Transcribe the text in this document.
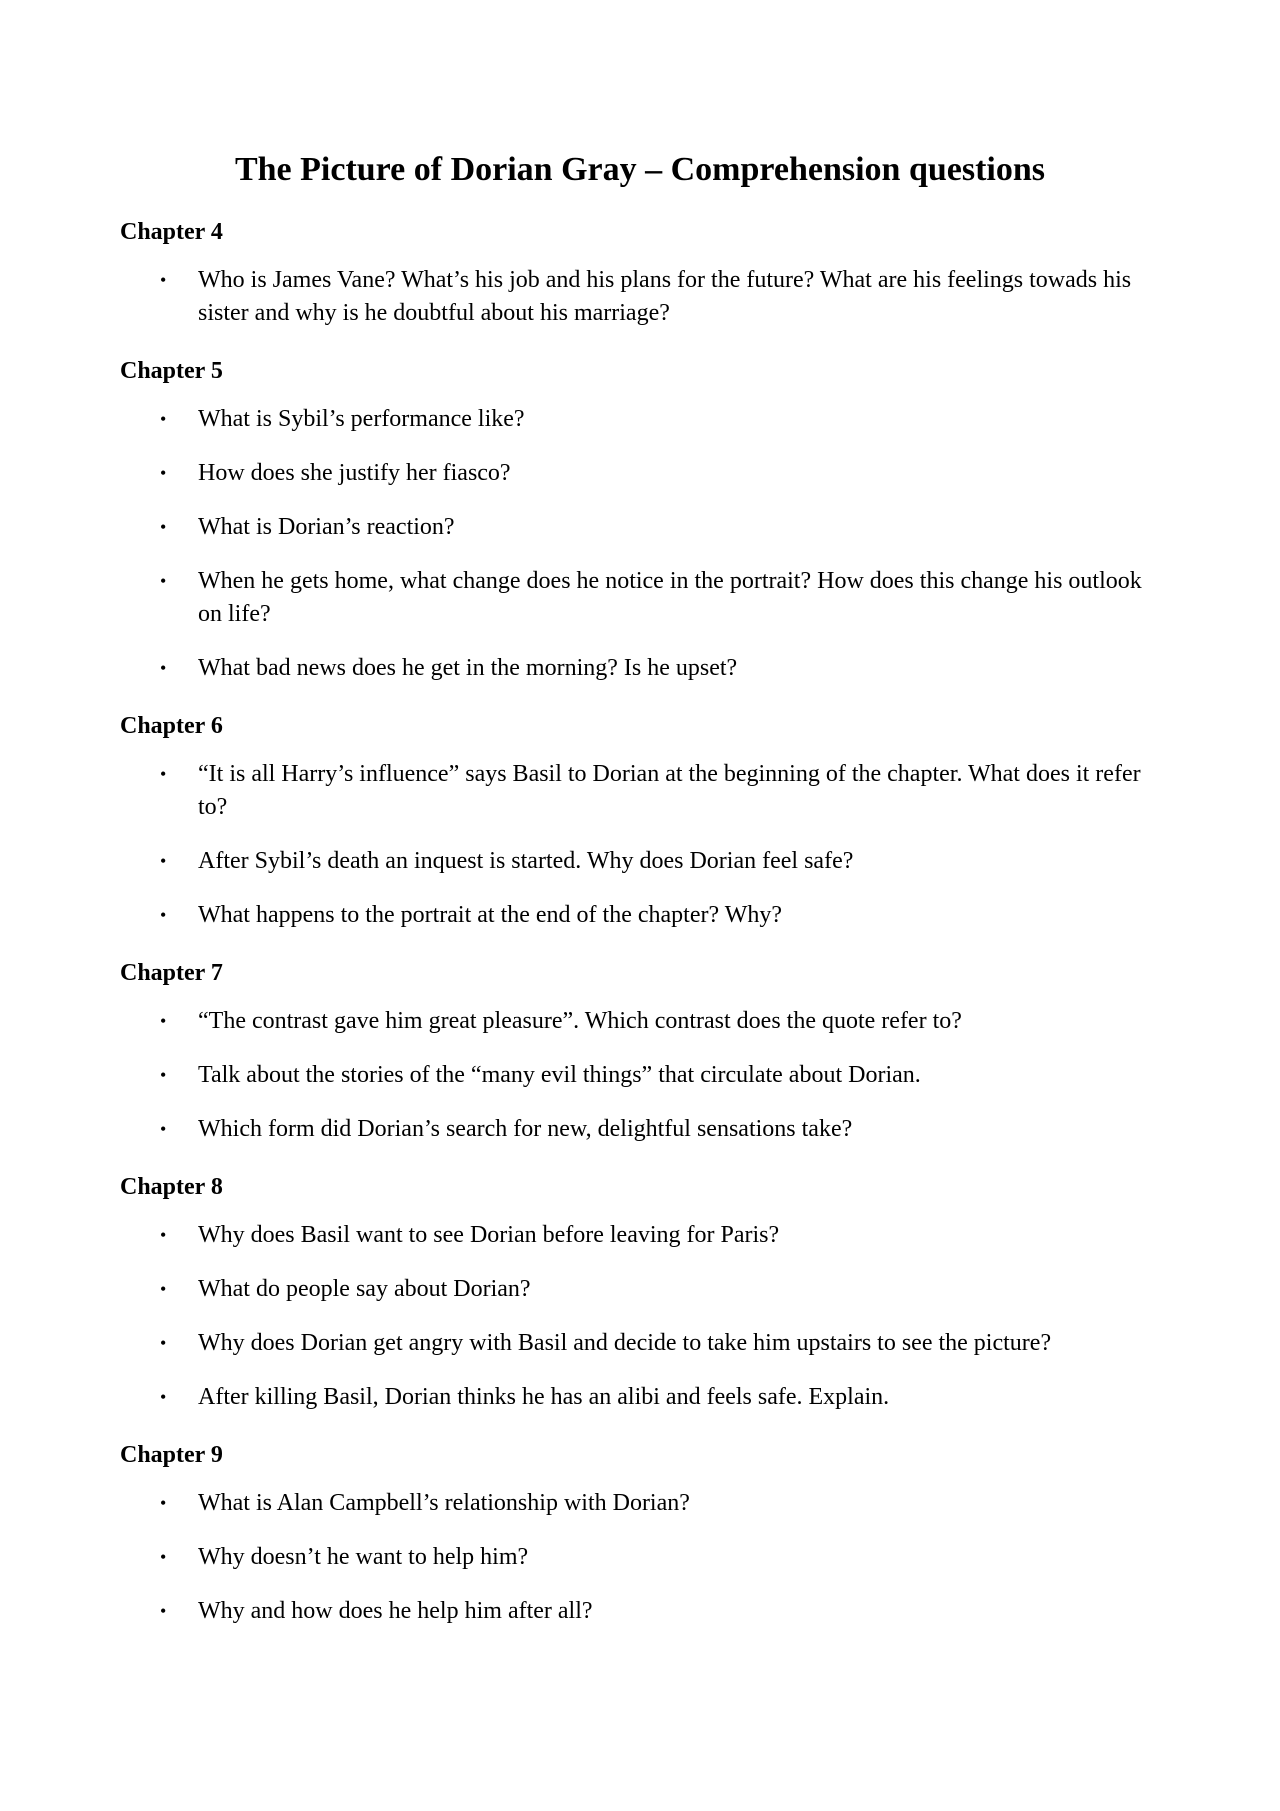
The Picture of Dorian Gray – Comprehension questions
Chapter 4
•	Who is James Vane? What’s his job and his plans for the future? What are his feelings towads his sister and why is he doubtful about his marriage?
Chapter 5
•	What is Sybil’s performance like?
•	How does she justify her fiasco?
•	What is Dorian’s reaction?
•	When he gets home, what change does he notice in the portrait? How does this change his outlook on life?
•	What bad news does he get in the morning? Is he upset?
Chapter 6
•	“It is all Harry’s influence” says Basil to Dorian at the beginning of the chapter. What does it refer to?
•	After Sybil’s death an inquest is started. Why does Dorian feel safe?
•	What happens to the portrait at the end of the chapter? Why?
Chapter 7
•	“The contrast gave him great pleasure”. Which contrast does the quote refer to?
•	Talk about the stories of the “many evil things” that circulate about Dorian.
•	Which form did Dorian’s search for new, delightful sensations take?
Chapter 8
•	Why does Basil want to see Dorian before leaving for Paris?
•	What do people say about Dorian?
•	Why does Dorian get angry with Basil and decide to take him upstairs to see the picture?
•	After killing Basil, Dorian thinks he has an alibi and feels safe. Explain.
Chapter 9
•	What is Alan Campbell’s relationship with Dorian?
•	Why doesn’t he want to help him?
•	Why and how does he help him after all?
